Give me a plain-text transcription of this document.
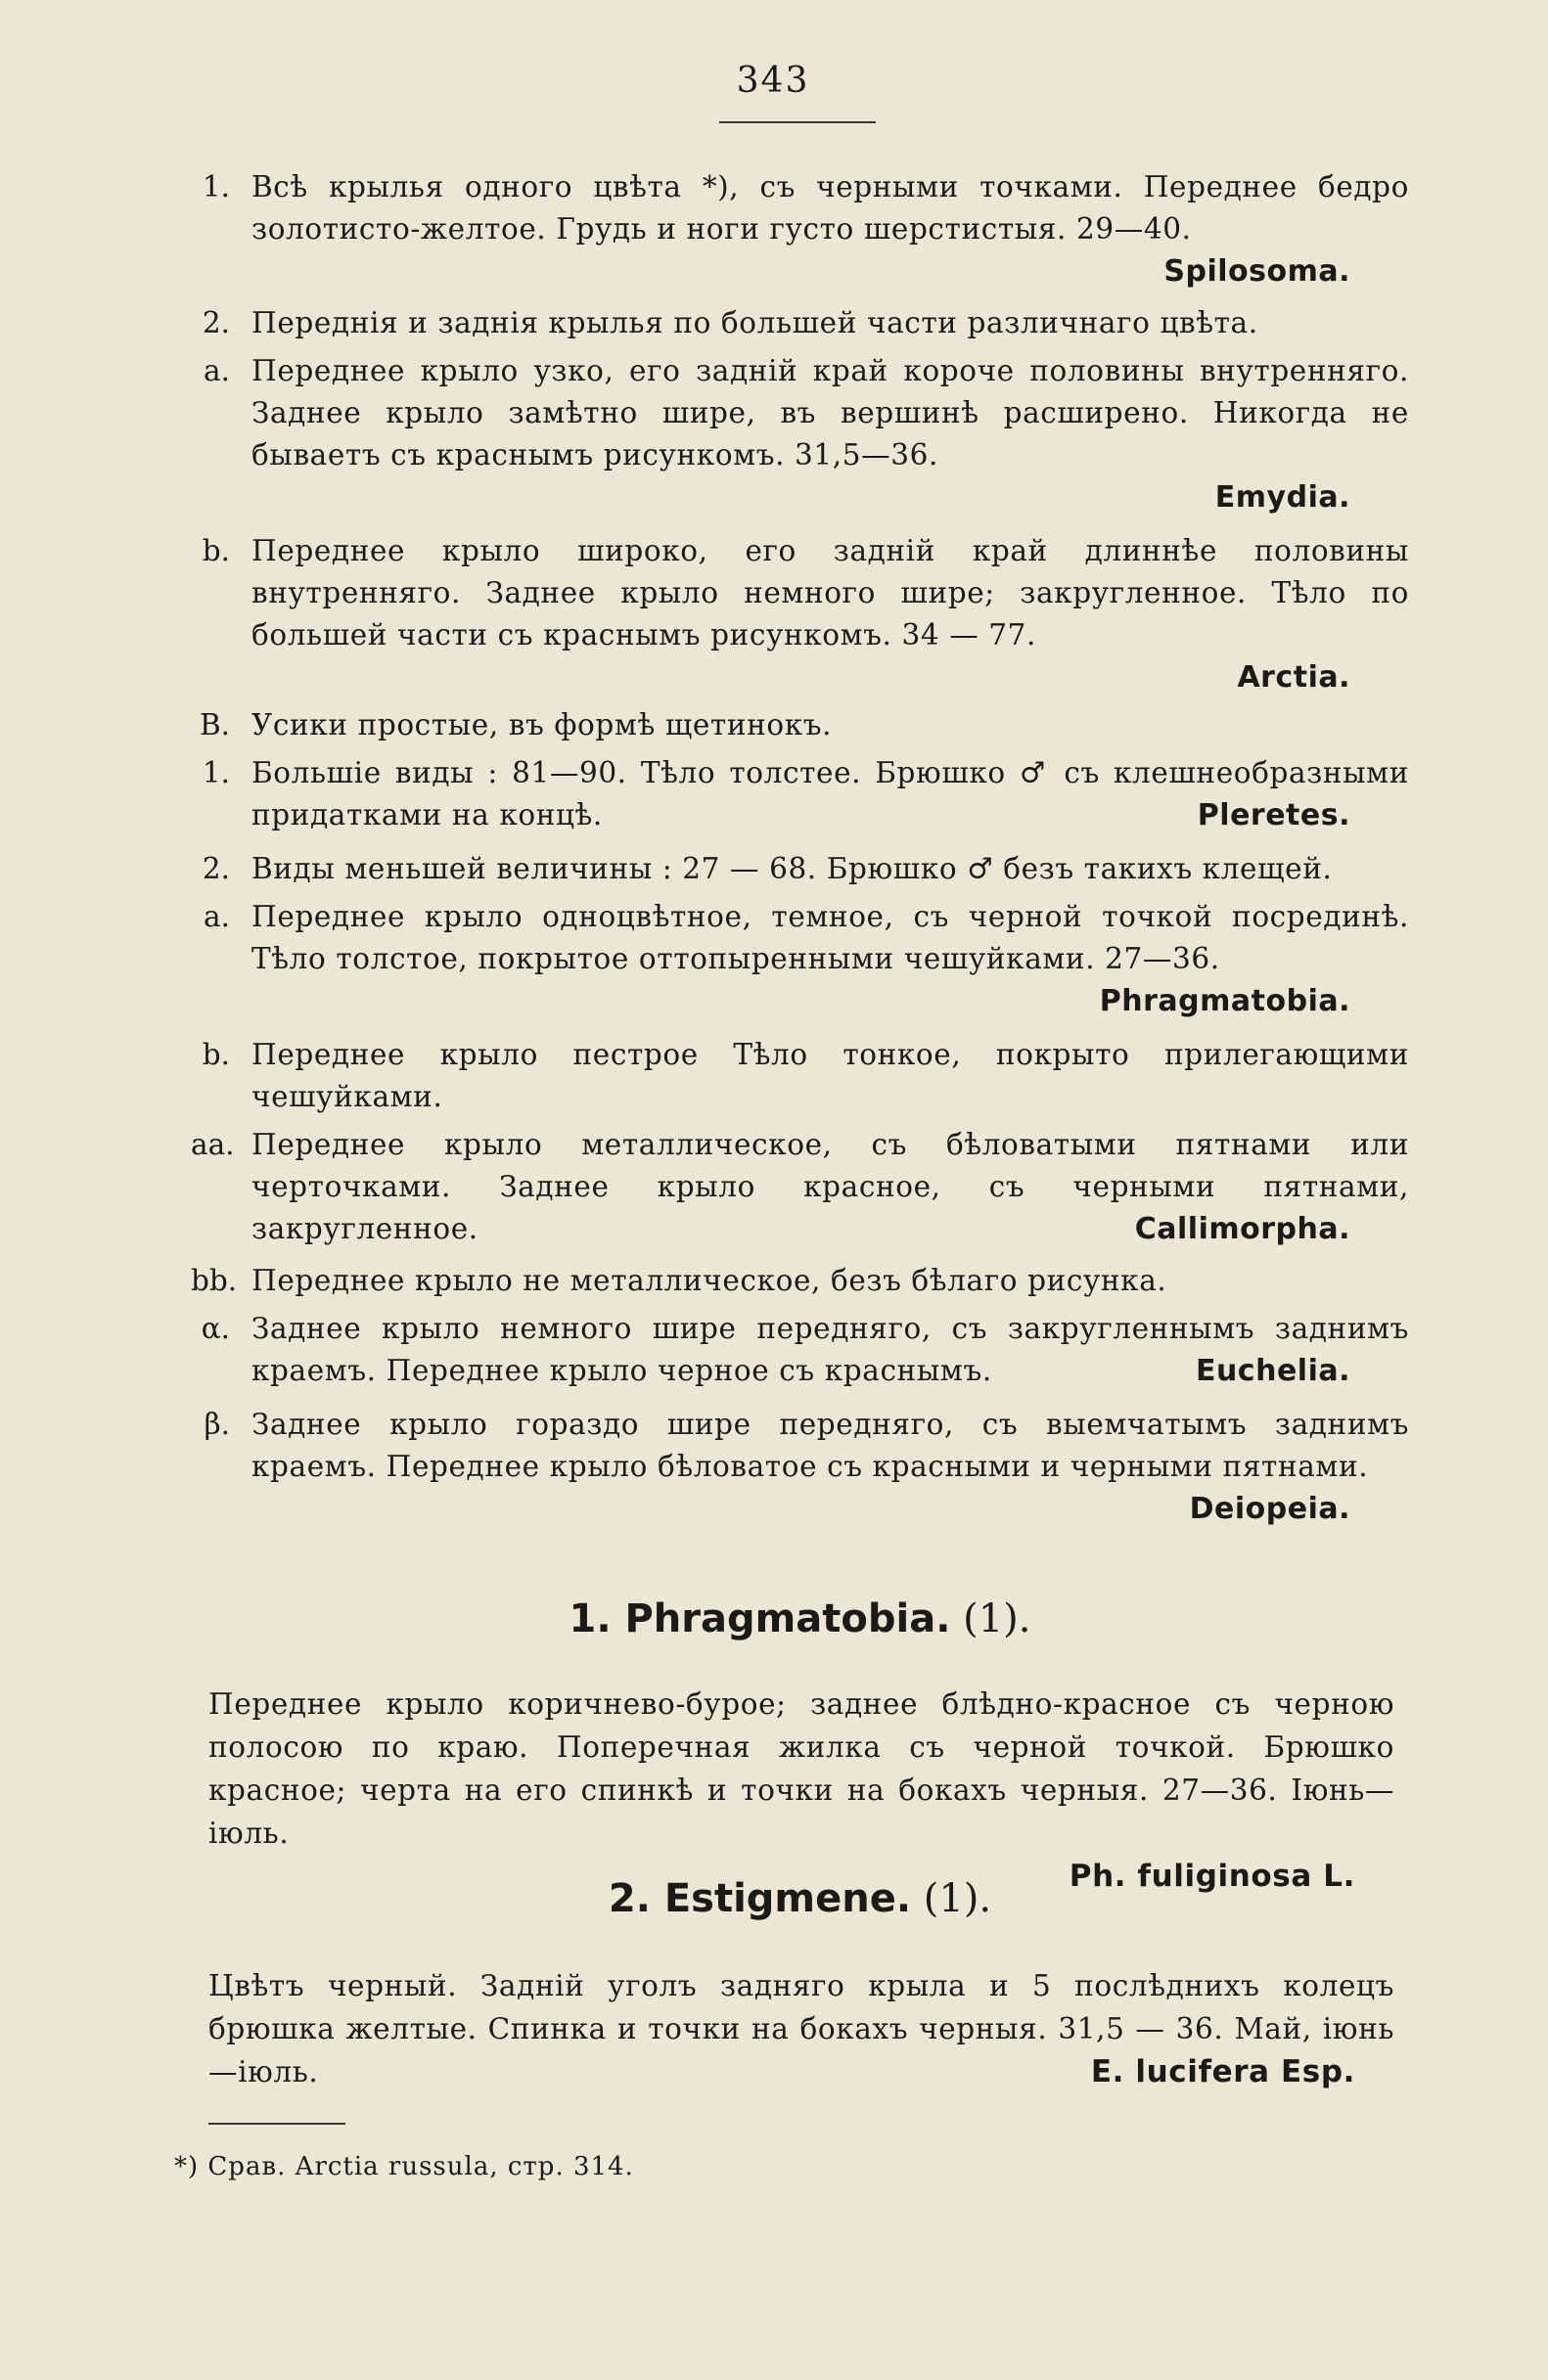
343
1. Всѣ крылья одного цвѣта *), съ черными точками. Переднее бедро золотисто-желтое. Грудь и ноги густо шерстистыя. 29—40.
Spilosoma.
2. Переднія и заднія крылья по большей части различнаго цвѣта.
a. Переднее крыло узко, его задній край короче половины внутренняго. Заднее крыло замѣтно шире, въ вершинѣ расширено. Никогда не бываетъ съ краснымъ рисункомъ. 31,5—36.
Emydia.
b. Переднее крыло широко, его задній край длиннѣе половины внутренняго. Заднее крыло немного шире; закругленное. Тѣло по большей части съ краснымъ рисункомъ. 34 — 77.
Arctia.
B. Усики простые, въ формѣ щетинокъ.
1. Большіе виды : 81—90. Тѣло толстее. Брюшко ♂ съ клешнеобразными придатками на концѣ.	Pleretes.
2. Виды меньшей величины : 27 — 68. Брюшко ♂ безъ такихъ клещей.
a. Переднее крыло одноцвѣтное, темное, съ черной точкой посрединѣ. Тѣло толстое, покрытое оттопыренными чешуйками. 27—36.
Phragmatobia.
b. Переднее крыло пестрое Тѣло тонкое, покрыто прилегающими чешуйками.
aa. Переднее крыло металлическое, съ бѣловатыми пятнами или черточками. Заднее крыло красное, съ черными пятнами, закругленное.	Callimorpha.
bb. Переднее крыло не металлическое, безъ бѣлаго рисунка.
α. Заднее крыло немного шире передняго, съ закругленнымъ заднимъ краемъ. Переднее крыло черное съ краснымъ.	Euchelia.
β. Заднее крыло гораздо шире передняго, съ выемчатымъ заднимъ краемъ. Переднее крыло бѣловатое съ красными и черными пятнами.
Deiopeia.
1. Phragmatobia. (1).
Переднее крыло коричнево-бурое; заднее блѣдно-красное съ черною полосою по краю. Поперечная жилка съ черной точкой. Брюшко красное; черта на его спинкѣ и точки на бокахъ черныя. 27—36. Іюнь—іюль.
Ph. fuliginosa L.
2. Estigmene. (1).
Цвѣтъ черный. Задній уголъ задняго крыла и 5 послѣднихъ колецъ брюшка желтые. Спинка и точки на бокахъ черныя. 31,5 — 36. Май, іюнь—іюль.	E. lucifera Esp.
*) Срав. Arctia russula, стр. 314.
